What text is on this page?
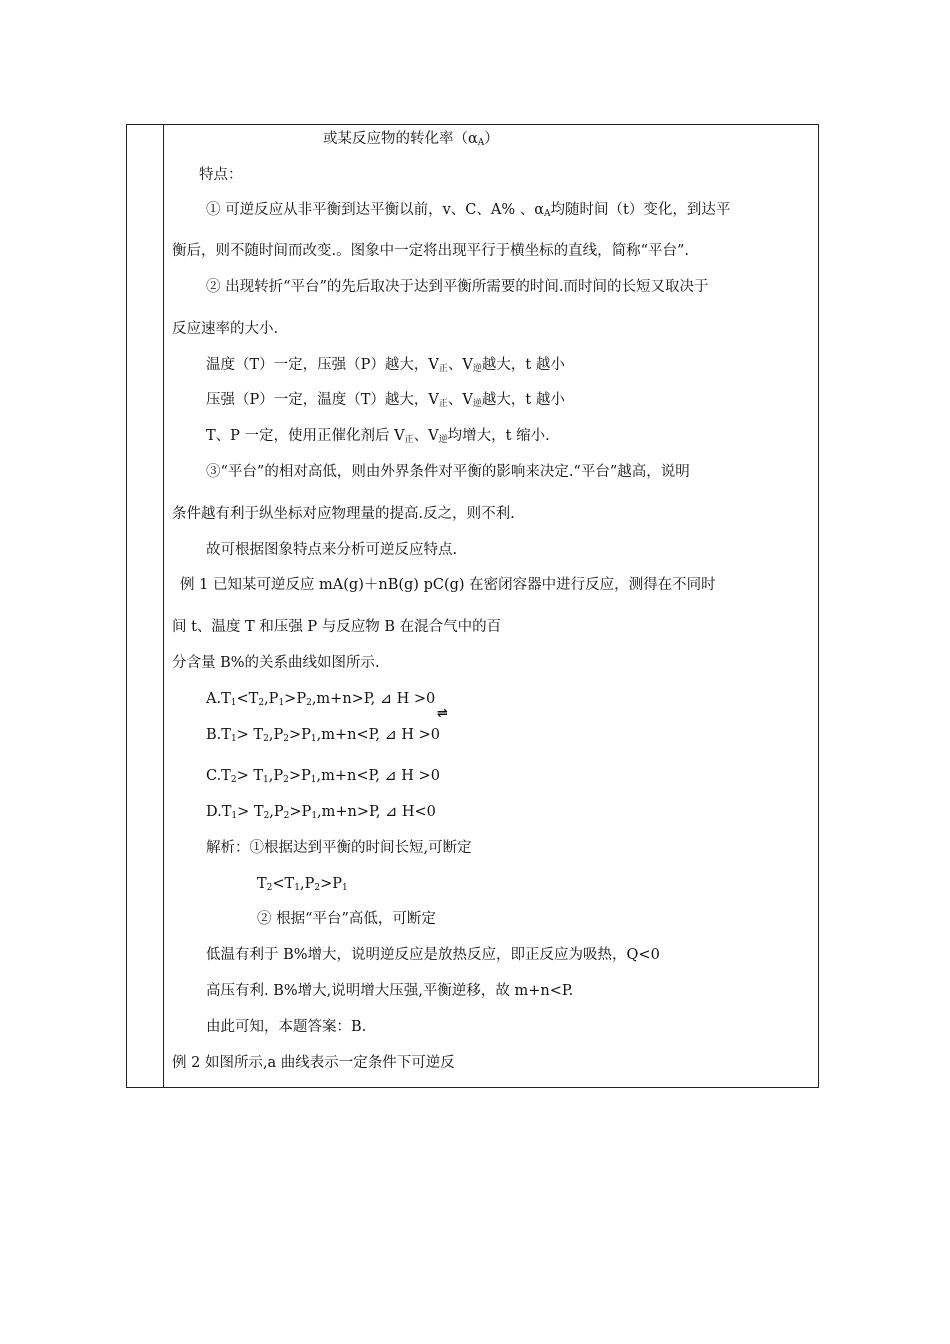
或某反应物的转化率$(\alpha_A)$
特点：
① 可逆反应从非平衡到达平衡以前，v、C、A% 、$\alpha_A$均随时间（t）变化，到达平
衡后，则不随时间而改变.。图象中一定将出现平行于横坐标的直线，简称“平台”.
② 出现转折“平台”的先后取决于达到平衡所需要的时间.而时间的长短又取决于
反应速率的大小.
温度（T）一定，压强（P）越大，$V_正$、$V_逆$越大，t 越小
压强（P）一定，温度（T）越大，$V_正$、$V_逆$越大，t 越小
T、P 一定，使用正催化剂后 $V_正$、$V_逆$均增大，t 缩小.
③“平台”的相对高低，则由外界条件对平衡的影响来决定.“平台”越高，说明
条件越有利于纵坐标对应物理量的提高.反之，则不利.
故可根据图象特点来分析可逆反应特点.
例 1 已知某可逆反应 mA(g)＋nB(g) pC(g) 在密闭容器中进行反应，测得在不同时
间 t、温度 T 和压强 P 与反应物 B 在混合气中的百
分含量 B%的关系曲线如图所示.
$A.T_1<T_2,P_1>P_2,m+n>P$, ⊿ H >0
⇌
$B.T_1> T_2,P_2>P_1,m+n<P$, ⊿ H >0
$C.T_2> T_1,P_2>P_1,m+n<P$, ⊿ H >0
$D.T_1> T_2,P_2>P_1,m+n>P$, ⊿ H<0
解析：①根据达到平衡的时间长短,可断定
$T_2<T_1,P_2>P_1$
② 根据“平台”高低，可断定
低温有利于 B%增大，说明逆反应是放热反应，即正反应为吸热，Q<0
高压有利. B%增大,说明增大压强,平衡逆移，故 m+n<P.
由此可知，本题答案：B.
例 2 如图所示,a 曲线表示一定条件下可逆反
